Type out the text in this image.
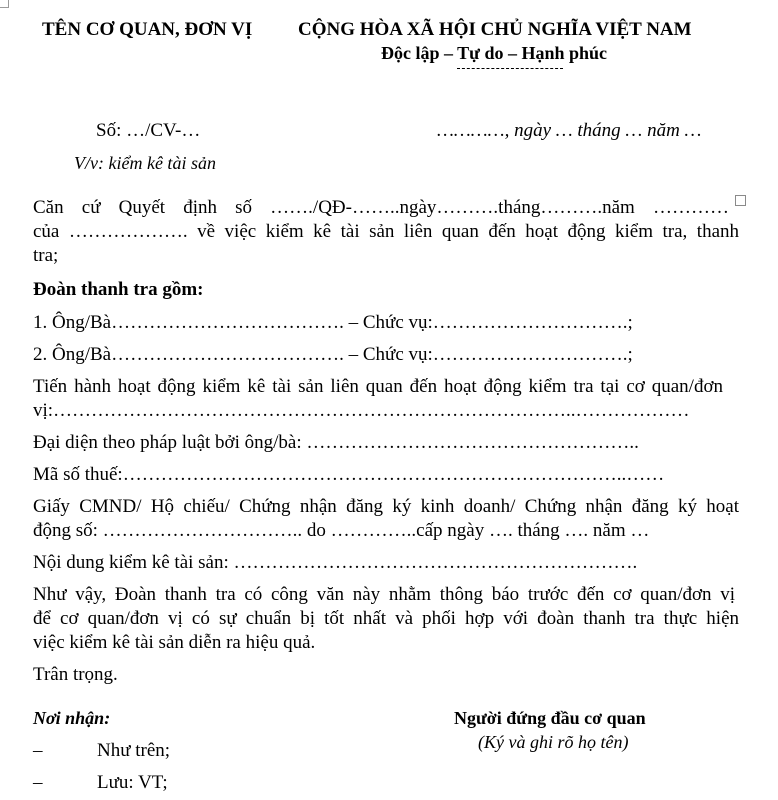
TÊN CƠ QUAN, ĐƠN VỊ CỘNG HÒA XÃ HỘI CHỦ NGHĨA VIỆT NAM
Độc lập – Tự do – Hạnh phúc
Số: …/CV-…	…………, ngày … tháng … năm …
V/v: kiểm kê tài sản
Căn cứ Quyết định số ……./QĐ-……..ngày……….tháng……….năm …………
của ………………. về việc kiểm kê tài sản liên quan đến hoạt động kiểm tra, thanh
tra;
Đoàn thanh tra gồm:
1. Ông/Bà………………………………. – Chức vụ:………………………….;
2. Ông/Bà………………………………. – Chức vụ:………………………….;
Tiến hành hoạt động kiểm kê tài sản liên quan đến hoạt động kiểm tra tại cơ quan/đơn
vị:………………………………………………………………………..………………
Đại diện theo pháp luật bởi ông/bà: ……………………………………………..
Mã số thuế:……………………………………………………………………..……
Giấy CMND/ Hộ chiếu/ Chứng nhận đăng ký kinh doanh/ Chứng nhận đăng ký hoạt
động số: ………………………….. do …………..cấp ngày …. tháng …. năm …
Nội dung kiểm kê tài sản: ……………………………………………………….
Như vậy, Đoàn thanh tra có công văn này nhằm thông báo trước đến cơ quan/đơn vị
để cơ quan/đơn vị có sự chuẩn bị tốt nhất và phối hợp với đoàn thanh tra thực hiện
việc kiểm kê tài sản diễn ra hiệu quả.
Trân trọng.
Nơi nhận:	Người đứng đầu cơ quan
(Ký và ghi rõ họ tên)
–	Như trên;
–	Lưu: VT;
